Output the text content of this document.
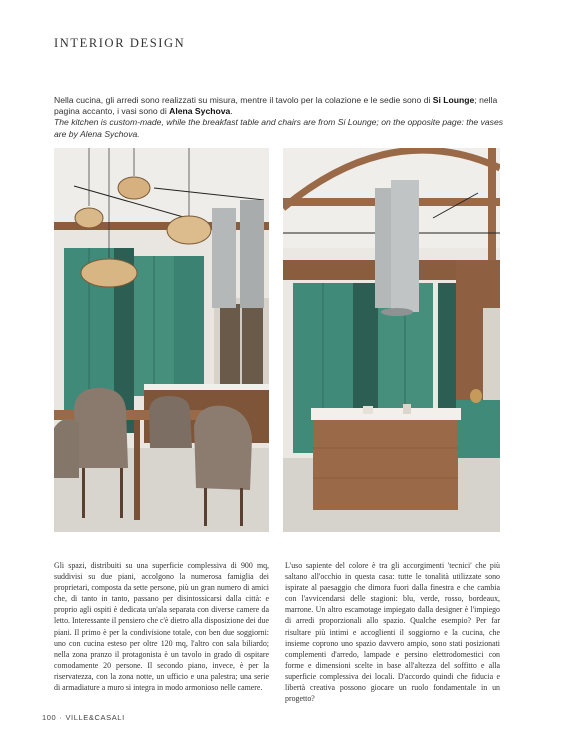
INTERIOR DESIGN
Nella cucina, gli arredi sono realizzati su misura, mentre il tavolo per la colazione e le sedie sono di Si Lounge; nella pagina accanto, i vasi sono di Alena Sychova.
The kitchen is custom-made, while the breakfast table and chairs are from Si Lounge; on the opposite page: the vases are by Alena Sychova.
Gli spazi, distribuiti su una superficie complessiva di 900 mq, suddivisi su due piani, accolgono la numerosa famiglia dei proprietari, composta da sette persone, più un gran numero di amici che, di tanto in tanto, passano per disintossicarsi dalla città: e proprio agli ospiti è dedicata un'ala separata con diverse camere da letto. Interessante il pensiero che c'è dietro alla disposizione dei due piani. Il primo è per la condivisione totale, con ben due soggiorni: uno con cucina esteso per oltre 120 mq, l'altro con sala biliardo; nella zona pranzo il protagonista è un tavolo in grado di ospitare comodamente 20 persone. Il secondo piano, invece, è per la riservatezza, con la zona notte, un ufficio e una palestra; una serie di armadiature a muro si integra in modo armonioso nelle camere.
L'uso sapiente del colore è tra gli accorgimenti 'tecnici' che più saltano all'occhio in questa casa: tutte le tonalità utilizzate sono ispirate al paesaggio che dimora fuori dalla finestra e che cambia con l'avvicendarsi delle stagioni: blu, verde, rosso, bordeaux, marrone. Un altro escamotage impiegato dalla designer è l'impiego di arredi proporzionali allo spazio. Qualche esempio? Per far risultare più intimi e accoglienti il soggiorno e la cucina, che insieme coprono uno spazio davvero ampio, sono stati posizionati complementi d'arredo, lampade e persino elettrodomestici con forme e dimensioni scelte in base all'altezza del soffitto e alla superficie complessiva dei locali. D'accordo quindi che fiducia e libertà creativa possono giocare un ruolo fondamentale in un progetto?
100 · VILLE&CASALI
